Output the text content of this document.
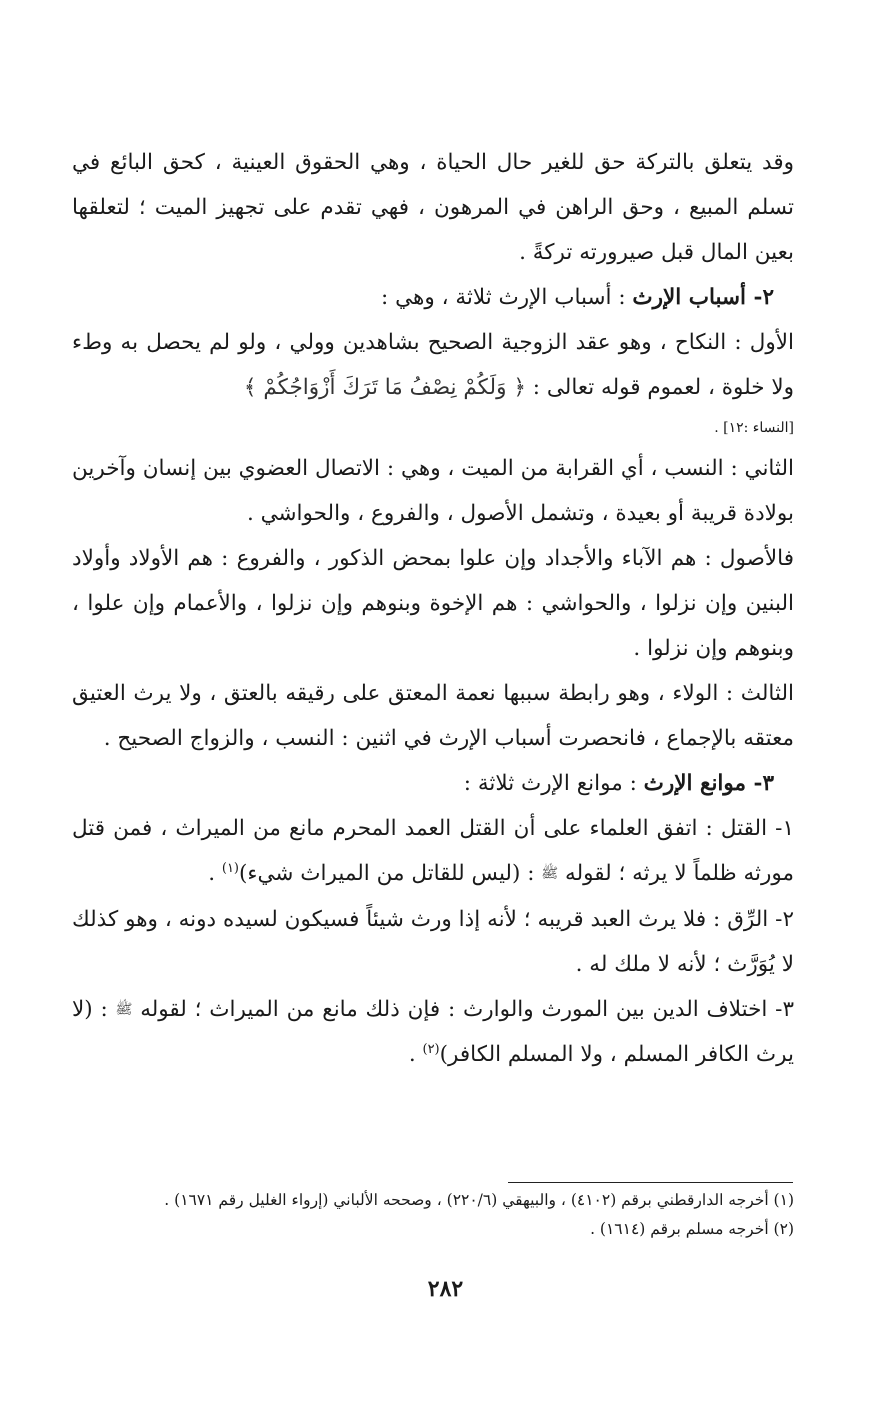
وقد يتعلق بالتركة حق للغير حال الحياة ، وهي الحقوق العينية ، كحق البائع في تسلم المبيع ، وحق الراهن في المرهون ، فهي تقدم على تجهيز الميت ؛ لتعلقها بعين المال قبل صيرورته تركةً .

٢- أسباب الإرث : أسباب الإرث ثلاثة ، وهي :

الأول : النكاح ، وهو عقد الزوجية الصحيح بشاهدين وولي ، ولو لم يحصل به وطء ولا خلوة ، لعموم قوله تعالى : ﴿ وَلَكُمْ نِصْفُ مَا تَرَكَ أَزْوَاجُكُمْ ﴾

[النساء :١٢] .

الثاني : النسب ، أي القرابة من الميت ، وهي : الاتصال العضوي بين إنسان وآخرين بولادة قريبة أو بعيدة ، وتشمل الأصول ، والفروع ، والحواشي .

فالأصول : هم الآباء والأجداد وإن علوا بمحض الذكور ، والفروع : هم الأولاد وأولاد البنين وإن نزلوا ، والحواشي : هم الإخوة وبنوهم وإن نزلوا ، والأعمام وإن علوا ، وبنوهم وإن نزلوا .

الثالث : الولاء ، وهو رابطة سببها نعمة المعتق على رقيقه بالعتق ، ولا يرث العتيق معتقه بالإجماع ، فانحصرت أسباب الإرث في اثنين : النسب ، والزواج الصحيح .

٣- موانع الإرث : موانع الإرث ثلاثة :

١- القتل : اتفق العلماء على أن القتل العمد المحرم مانع من الميراث ، فمن قتل مورثه ظلماً لا يرثه ؛ لقوله ﷺ : (ليس للقاتل من الميراث شيء)$^{(١)}$ .

٢- الرِّق : فلا يرث العبد قريبه ؛ لأنه إذا ورث شيئاً فسيكون لسيده دونه ، وهو كذلك لا يُوَرَّث ؛ لأنه لا ملك له .

٣- اختلاف الدين بين المورث والوارث : فإن ذلك مانع من الميراث ؛ لقوله ﷺ : (لا يرث الكافر المسلم ، ولا المسلم الكافر)$^{(٢)}$ .

(١) أخرجه الدارقطني برقم (٤١٠٢) ، والبيهقي (٢٢٠/٦) ، وصححه الألباني (إرواء الغليل رقم ١٦٧١) .

(٢) أخرجه مسلم برقم (١٦١٤) .

٢٨٢
